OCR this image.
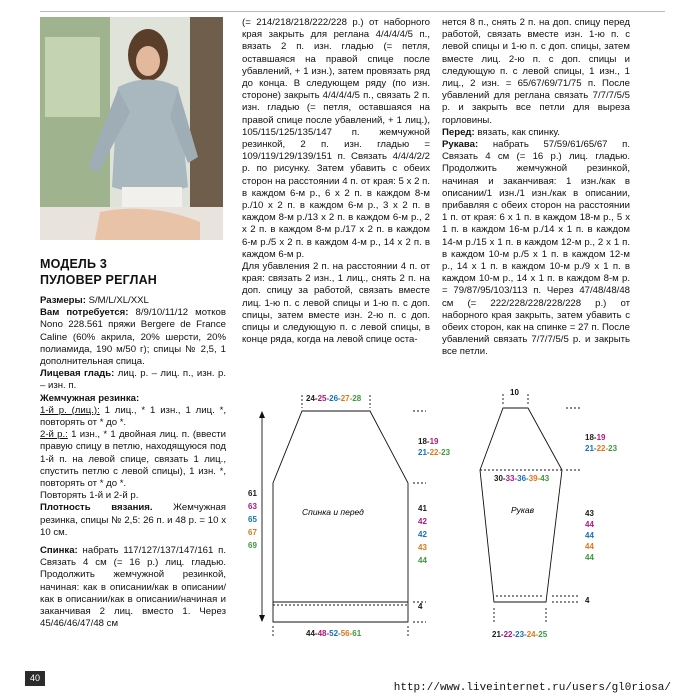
МОДЕЛЬ 3
ПУЛОВЕР РЕГЛАН

Размеры: S/M/L/XL/XXL

Вам потребуется: 8/9/10/11/12 мотков Nono 228.561 пряжи Bergere de France Caline (60% акрила, 20% шерсти, 20% полиамида, 190 м/50 г); спицы № 2,5, 1 дополнительная спица.

Лицевая гладь: лиц. р. – лиц. п., изн. р. – изн. п.

Жемчужная резинка:

1-й р. (лиц.): 1 лиц., * 1 изн., 1 лиц. *, повторять от * до *.

2-й р.: 1 изн., * 1 двойная лиц. п. (ввести правую спицу в петлю, находящуюся под 1-й п. на левой спице, связать 1 лиц., спустить петлю с левой спицы), 1 изн. *, повторять от * до *.

Повторять 1-й и 2-й р.

Плотность вязания. Жемчужная резинка, спицы № 2,5: 26 п. и 48 р. = 10 х 10 см.

Спинка: набрать 117/127/137/147/161 п. Связать 4 см (= 16 р.) лиц. гладью. Продолжить жемчужной резинкой, начиная: как в описании/как в описании/как в описании/как в описании/начиная и заканчивая 2 лиц. вместо 1. Через 45/46/46/47/48 см

(= 214/218/218/222/228 р.) от наборного края закрыть для реглана 4/4/4/4/5 п., вязать 2 п. изн. гладью (= петля, оставшаяся на правой спице после убавлений, + 1 изн.), затем провязать ряд до конца. В следующем ряду (по изн. стороне) закрыть 4/4/4/4/5 п., связать 2 п. изн. гладью (= петля, оставшаяся на правой спице после убавлений, + 1 лиц.), 105/115/125/135/147 п. жемчужной резинкой, 2 п. изн. гладью = 109/119/129/139/151 п. Связать 4/4/4/2/2 р. по рисунку. Затем убавить с обеих сторон на расстоянии 4 п. от края: 5 х 2 п. в каждом 6-м р., 6 х 2 п. в каждом 8-м р./10 х 2 п. в каждом 6-м р., 3 х 2 п. в каждом 8-м р./13 х 2 п. в каждом 6-м р., 2 х 2 п. в каждом 8-м р./17 х 2 п. в каждом 6-м р./5 х 2 п. в каждом 4-м р., 14 х 2 п. в каждом 6-м р.

Для убавления 2 п. на расстоянии 4 п. от края: связать 2 изн., 1 лиц., снять 2 п. на доп. спицу за работой, связать вместе лиц. 1-ю п. с левой спицы и 1-ю п. с доп. спицы, затем вместе изн. 2-ю п. с доп. спицы и следующую п. с левой спицы, в конце ряда, когда на левой спице оста-

нется 8 п., снять 2 п. на доп. спицу перед работой, связать вместе изн. 1-ю п. с левой спицы и 1-ю п. с доп. спицы, затем вместе лиц. 2-ю п. с доп. спицы и следующую п. с левой спицы, 1 изн., 1 лиц., 2 изн. = 65/67/69/71/75 п. После убавлений для реглана связать 7/7/7/5/5 р. и закрыть все петли для выреза горловины.

Перед: вязать, как спинку.

Рукава: набрать 57/59/61/65/67 п. Связать 4 см (= 16 р.) лиц. гладью. Продолжить жемчужной резинкой, начиная и заканчивая: 1 изн./как в описании/1 изн./1 изн./как в описании, прибавляя с обеих сторон на расстоянии 1 п. от края: 6 х 1 п. в каждом 18-м р., 5 х 1 п. в каждом 16-м р./14 х 1 п. в каждом 14-м р./15 х 1 п. в каждом 12-м р., 2 х 1 п. в каждом 10-м р./5 х 1 п. в каждом 12-м р., 14 х 1 п. в каждом 10-м р./9 х 1 п. в каждом 10-м р., 14 х 1 п. в каждом 8-м р. = 79/87/95/103/113 п. Через 47/48/48/48 см (= 222/228/228/228/228 р.) от наборного края закрыть, затем убавить с обеих сторон, как на спинке = 27 п. После убавлений связать 7/7/7/5/5 р. и закрыть все петли.

24-25-26-27-28
44-48-52-56-61
61 63 65 67 69
18-19 21-22-23
41 42 42 43 44
10
30-33-36-39-43
21-22-23-24-25
18-19 21-22-23
43 44 44 44 44
4
4
Спинка и перед	Рукав
40
http://www.liveinternet.ru/users/gl0riosa/
